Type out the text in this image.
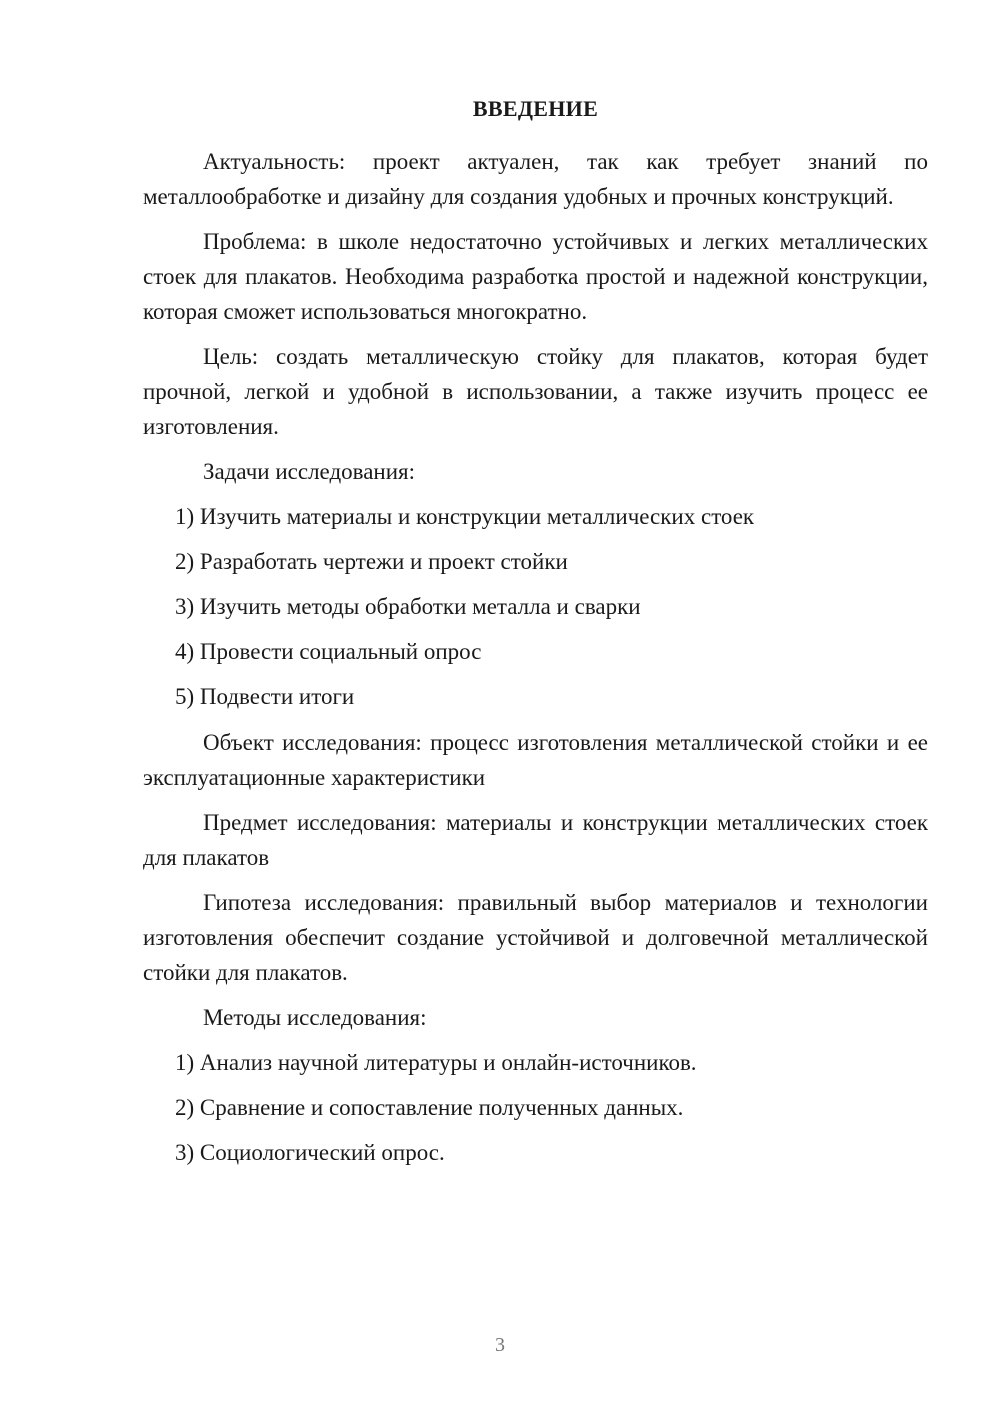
ВВЕДЕНИЕ

Актуальность: проект актуален, так как требует знаний по металлообработке и дизайну для создания удобных и прочных конструкций.

Проблема: в школе недостаточно устойчивых и легких металлических стоек для плакатов. Необходима разработка простой и надежной конструкции, которая сможет использоваться многократно.

Цель: создать металлическую стойку для плакатов, которая будет прочной, легкой и удобной в использовании, а также изучить процесс ее изготовления.

Задачи исследования:

1) Изучить материалы и конструкции металлических стоек
2) Разработать чертежи и проект стойки
3) Изучить методы обработки металла и сварки
4) Провести социальный опрос
5) Подвести итоги

Объект исследования: процесс изготовления металлической стойки и ее эксплуатационные характеристики

Предмет исследования: материалы и конструкции металлических стоек для плакатов

Гипотеза исследования: правильный выбор материалов и технологии изготовления обеспечит создание устойчивой и долговечной металлической стойки для плакатов.

Методы исследования:

1) Анализ научной литературы и онлайн-источников.
2) Сравнение и сопоставление полученных данных.
3) Социологический опрос.
3
